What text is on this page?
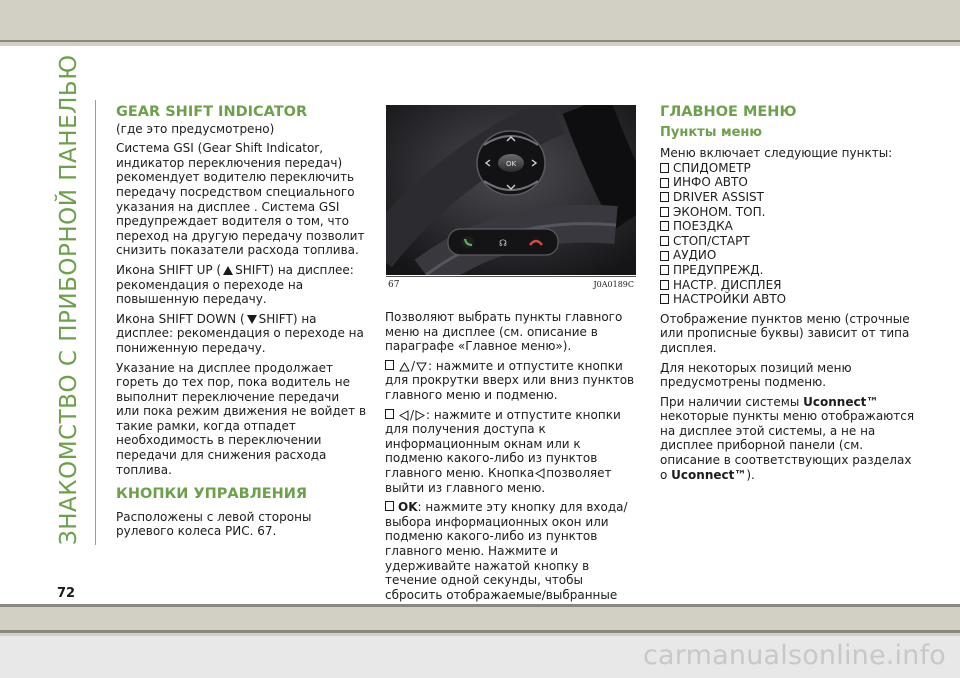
ЗНАКОМСТВО С ПРИБОРНОЙ ПАНЕЛЬЮ
72
GEAR SHIFT INDICATOR

(где это предусмотрено)

Система GSI (Gear Shift Indicator, индикатор переключения передач) рекомендует водителю переключить передачу посредством специального указания на дисплее . Система GSI предупреждает водителя о том, что переход на другую передачу позволит снизить показатели расхода топлива.

Икона SHIFT UP ( SHIFT) на дисплее: рекомендация о переходе на повышенную передачу.

Икона SHIFT DOWN ( SHIFT) на дисплее: рекомендация о переходе на пониженную передачу.

Указание на дисплее продолжает гореть до тех пор, пока водитель не выполнит переключение передачи или пока режим движения не войдет в такие рамки, когда отпадет необходимость в переключении передачи для снижения расхода топлива.

КНОПКИ УПРАВЛЕНИЯ

Расположены с левой стороны рулевого колеса РИС. 67.

OK
☊
67	J0A0189C

Позволяют выбрать пункты главного меню на дисплее (см. описание в параграфе «Главное меню»).

/ : нажмите и отпустите кнопки для прокрутки вверх или вниз пунктов главного меню и подменю.

/ : нажмите и отпустите кнопки для получения доступа к информационным окнам или к подменю какого-либо из пунктов главного меню. Кнопка позволяет выйти из главного меню.

OK: нажмите эту кнопку для входа/выбора информационных окон или подменю какого-либо из пунктов главного меню. Нажмите и удерживайте нажатой кнопку в течение одной секунды, чтобы сбросить отображаемые/выбранные

ГЛАВНОЕ МЕНЮ
Пункты меню
Меню включает следующие пункты:
СПИДОМЕТР
ИНФО АВТО
DRIVER ASSIST
ЭКОНОМ. ТОП.
ПОЕЗДКА
СТОП/СТАРТ
АУДИО
ПРЕДУПРЕЖД.
НАСТР. ДИСПЛЕЯ
НАСТРОЙКИ АВТО

Отображение пунктов меню (строчные или прописные буквы) зависит от типа дисплея.

Для некоторых позиций меню предусмотрены подменю.

При наличии системы Uconnect™ некоторые пункты меню отображаются на дисплее этой системы, а не на дисплее приборной панели (см. описание в соответствующих разделах о Uconnect™).

carmanualsonline.info
